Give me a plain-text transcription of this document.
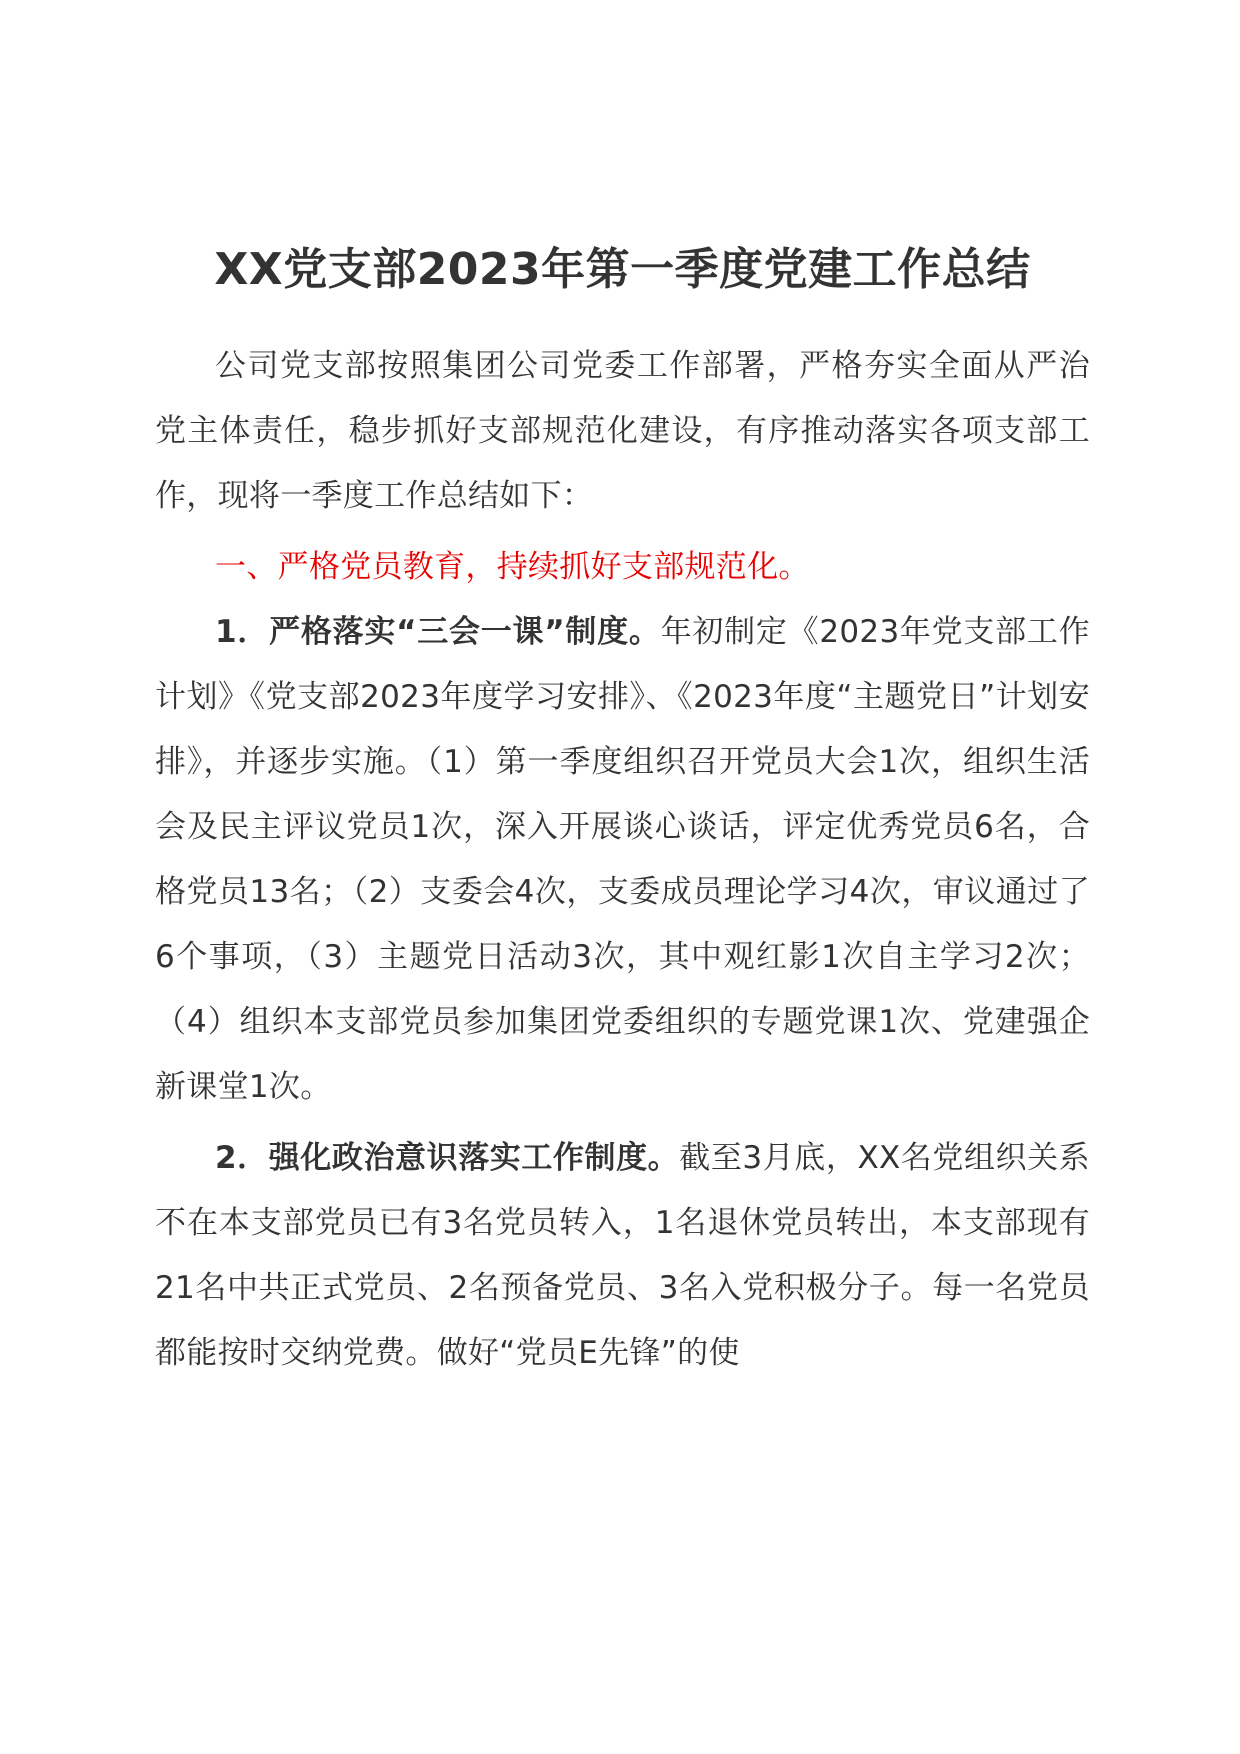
XX党支部2023年第一季度党建工作总结

公司党支部按照集团公司党委工作部署，严格夯实全面从严治党主体责任，稳步抓好支部规范化建设，有序推动落实各项支部工作，现将一季度工作总结如下：

一、严格党员教育，持续抓好支部规范化。

1．严格落实“三会一课”制度。年初制定《2023年党支部工作计划》《党支部2023年度学习安排》、《2023年度“主题党日”计划安排》，并逐步实施。（1）第一季度组织召开党员大会1次，组织生活会及民主评议党员1次，深入开展谈心谈话，评定优秀党员6名，合格党员13名；（2）支委会4次，支委成员理论学习4次，审议通过了6个事项，（3）主题党日活动3次，其中观红影1次自主学习2次；（4）组织本支部党员参加集团党委组织的专题党课1次、党建强企新课堂1次。

2．强化政治意识落实工作制度。截至3月底，XX名党组织关系不在本支部党员已有3名党员转入，1名退休党员转出，本支部现有21名中共正式党员、2名预备党员、3名入党积极分子。每一名党员都能按时交纳党费。做好“党员E先锋”的使
